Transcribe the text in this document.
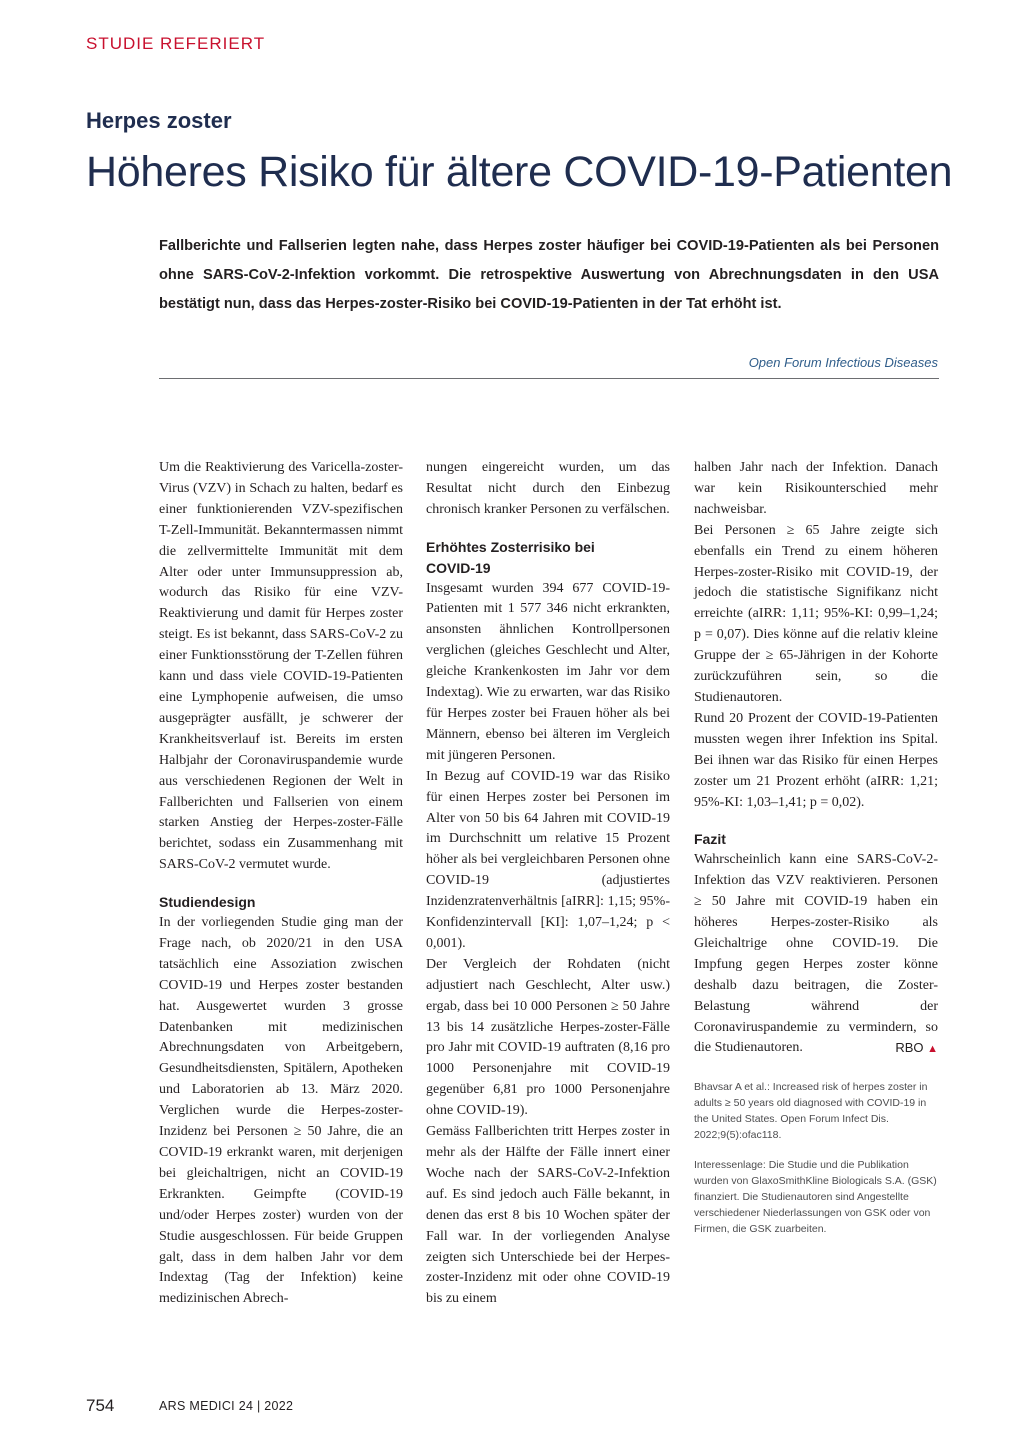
STUDIE REFERIERT
Herpes zoster
Höheres Risiko für ältere COVID-19-Patienten
Fallberichte und Fallserien legten nahe, dass Herpes zoster häufiger bei COVID-19-Patienten als bei Personen ohne SARS-CoV-2-Infektion vorkommt. Die retrospektive Auswertung von Abrechnungsdaten in den USA bestätigt nun, dass das Herpes-zoster-Risiko bei COVID-19-Patienten in der Tat erhöht ist.
Open Forum Infectious Diseases

Um die Reaktivierung des Varicella-zoster-Virus (VZV) in Schach zu halten, bedarf es einer funktionierenden VZV-spezifischen T-Zell-Immunität. Bekanntermassen nimmt die zellvermittelte Immunität mit dem Alter oder unter Immunsuppression ab, wodurch das Risiko für eine VZV-Reaktivierung und damit für Herpes zoster steigt. Es ist bekannt, dass SARS-CoV-2 zu einer Funktionsstörung der T-Zellen führen kann und dass viele COVID-19-Patienten eine Lymphopenie aufweisen, die umso ausgeprägter ausfällt, je schwerer der Krankheitsverlauf ist. Bereits im ersten Halbjahr der Coronaviruspandemie wurde aus verschiedenen Regionen der Welt in Fallberichten und Fallserien von einem starken Anstieg der Herpes-zoster-Fälle berichtet, sodass ein Zusammenhang mit SARS-CoV-2 vermutet wurde.

Studiendesign

In der vorliegenden Studie ging man der Frage nach, ob 2020/21 in den USA tatsächlich eine Assoziation zwischen COVID-19 und Herpes zoster bestanden hat. Ausgewertet wurden 3 grosse Datenbanken mit medizinischen Abrechnungsdaten von Arbeitgebern, Gesundheitsdiensten, Spitälern, Apotheken und Laboratorien ab 13. März 2020. Verglichen wurde die Herpes-zoster-Inzidenz bei Personen ≥ 50 Jahre, die an COVID-19 erkrankt waren, mit derjenigen bei gleichaltrigen, nicht an COVID-19 Erkrankten. Geimpfte (COVID-19 und/oder Herpes zoster) wurden von der Studie ausgeschlossen. Für beide Gruppen galt, dass in dem halben Jahr vor dem Indextag (Tag der Infektion) keine medizinischen Abrech-

nungen eingereicht wurden, um das Resultat nicht durch den Einbezug chronisch kranker Personen zu verfälschen.

Erhöhtes Zosterrisiko bei COVID-19

Insgesamt wurden 394 677 COVID-19-Patienten mit 1 577 346 nicht erkrankten, ansonsten ähnlichen Kontrollpersonen verglichen (gleiches Geschlecht und Alter, gleiche Krankenkosten im Jahr vor dem Indextag). Wie zu erwarten, war das Risiko für Herpes zoster bei Frauen höher als bei Männern, ebenso bei älteren im Vergleich mit jüngeren Personen.

In Bezug auf COVID-19 war das Risiko für einen Herpes zoster bei Personen im Alter von 50 bis 64 Jahren mit COVID-19 im Durchschnitt um relative 15 Prozent höher als bei vergleichbaren Personen ohne COVID-19 (adjustiertes Inzidenzratenverhältnis [aIRR]: 1,15; 95%-Konfidenzintervall [KI]: 1,07–1,24; p < 0,001).

Der Vergleich der Rohdaten (nicht adjustiert nach Geschlecht, Alter usw.) ergab, dass bei 10 000 Personen ≥ 50 Jahre 13 bis 14 zusätzliche Herpes-zoster-Fälle pro Jahr mit COVID-19 auftraten (8,16 pro 1000 Personenjahre mit COVID-19 gegenüber 6,81 pro 1000 Personenjahre ohne COVID-19).

Gemäss Fallberichten tritt Herpes zoster in mehr als der Hälfte der Fälle innert einer Woche nach der SARS-CoV-2-Infektion auf. Es sind jedoch auch Fälle bekannt, in denen das erst 8 bis 10 Wochen später der Fall war. In der vorliegenden Analyse zeigten sich Unterschiede bei der Herpes-zoster-Inzidenz mit oder ohne COVID-19 bis zu einem

halben Jahr nach der Infektion. Danach war kein Risikounterschied mehr nachweisbar.

Bei Personen ≥ 65 Jahre zeigte sich ebenfalls ein Trend zu einem höheren Herpes-zoster-Risiko mit COVID-19, der jedoch die statistische Signifikanz nicht erreichte (aIRR: 1,11; 95%-KI: 0,99–1,24; p = 0,07). Dies könne auf die relativ kleine Gruppe der ≥ 65-Jährigen in der Kohorte zurückzuführen sein, so die Studienautoren.

Rund 20 Prozent der COVID-19-Patienten mussten wegen ihrer Infektion ins Spital. Bei ihnen war das Risiko für einen Herpes zoster um 21 Prozent erhöht (aIRR: 1,21; 95%-KI: 1,03–1,41; p = 0,02).

Fazit

Wahrscheinlich kann eine SARS-CoV-2-Infektion das VZV reaktivieren. Personen ≥ 50 Jahre mit COVID-19 haben ein höheres Herpes-zoster-Risiko als Gleichaltrige ohne COVID-19. Die Impfung gegen Herpes zoster könne deshalb dazu beitragen, die Zoster-Belastung während der Coronaviruspandemie zu vermindern, so die Studienautoren.	RBO ▲

Bhavsar A et al.: Increased risk of herpes zoster in adults ≥ 50 years old diagnosed with COVID-19 in the United States. Open Forum Infect Dis. 2022;9(5):ofac118.
Interessenlage: Die Studie und die Publikation wurden von GlaxoSmithKline Biologicals S.A. (GSK) finanziert. Die Studienautoren sind Angestellte verschiedener Niederlassungen von GSK oder von Firmen, die GSK zuarbeiten.
754	ARS MEDICI 24 | 2022
